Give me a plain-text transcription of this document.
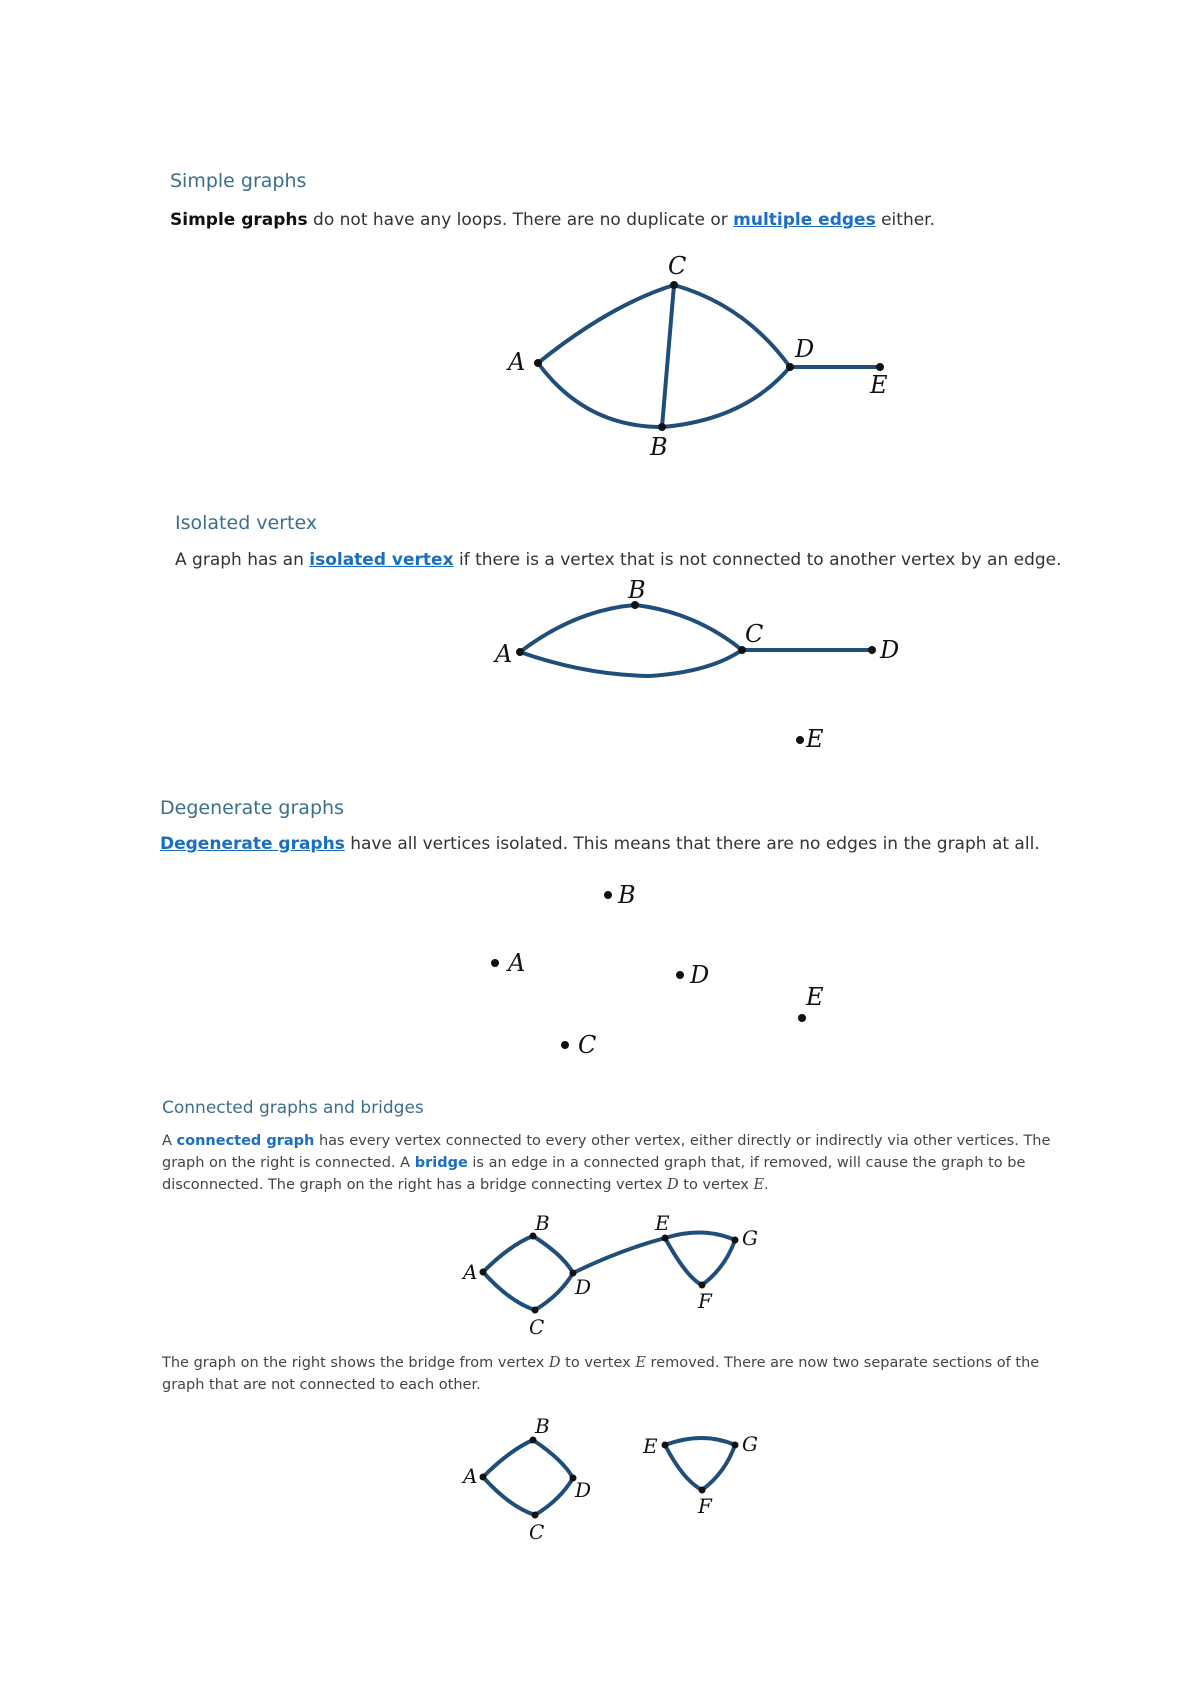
Simple graphs

Simple graphs do not have any loops. There are no duplicate or multiple edges either.

A
B
C
D
E
Isolated vertex

A graph has an isolated vertex if there is a vertex that is not connected to another vertex by an edge.

A
B
C
D
E
Degenerate graphs

Degenerate graphs have all vertices isolated. This means that there are no edges in the graph at all.

B
A	D
E
C
Connected graphs and bridges
A connected graph has every vertex connected to every other vertex, either directly or indirectly via other vertices. The
graph on the right is connected. A bridge is an edge in a connected graph that, if removed, will cause the graph to be
disconnected. The graph on the right has a bridge connecting vertex D to vertex E.
A
B
C
D
E
F
G
The graph on the right shows the bridge from vertex D to vertex E removed. There are now two separate sections of the
graph that are not connected to each other.
A
B
C
D
E
F
G
